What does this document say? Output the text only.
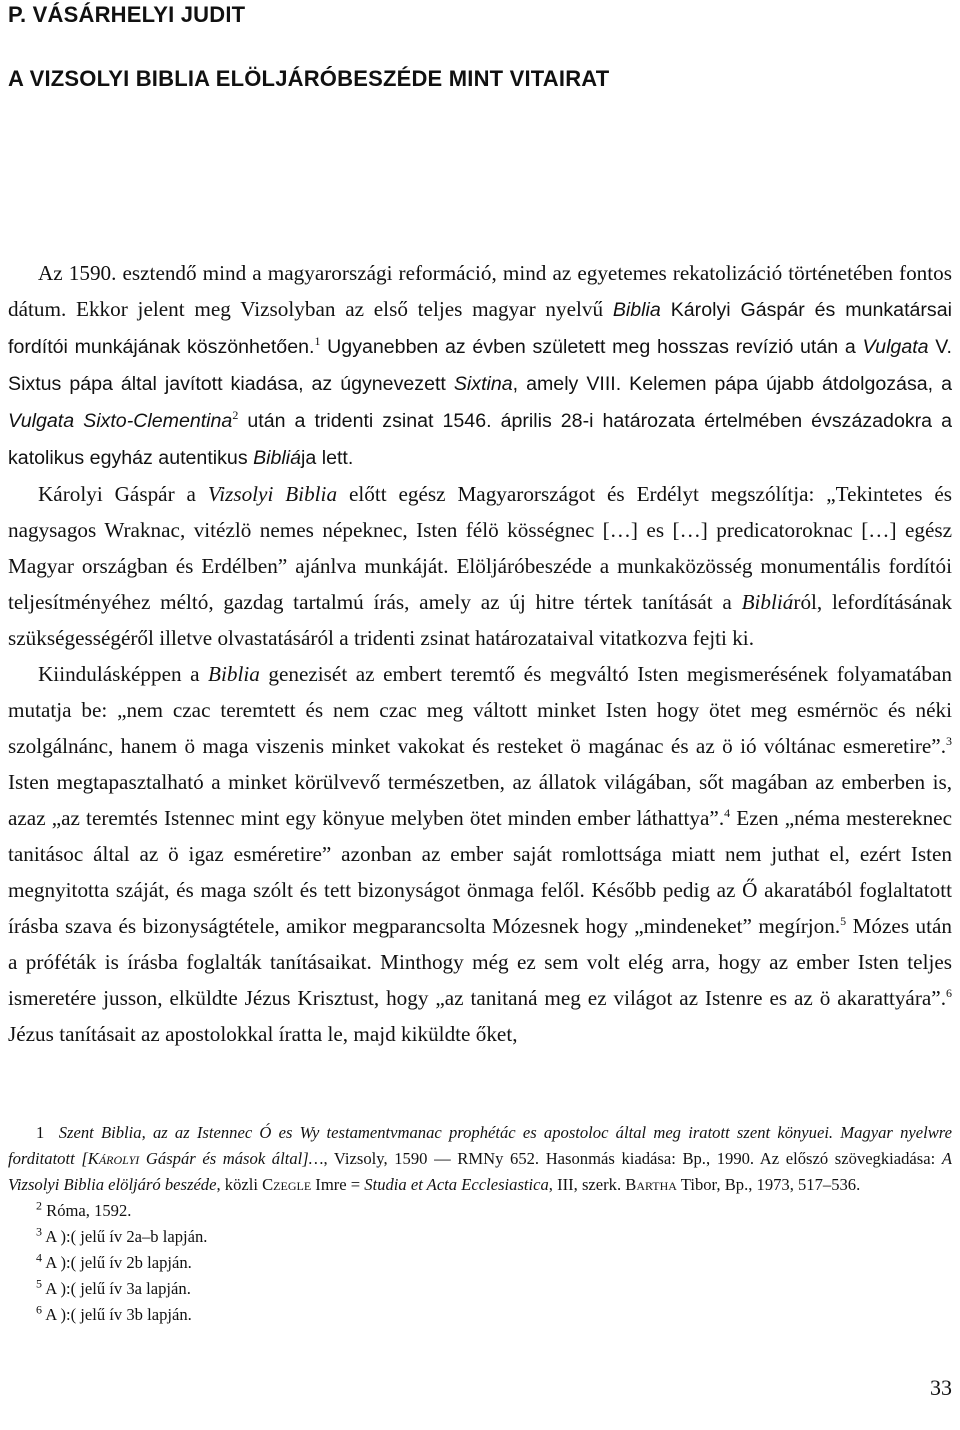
P. VÁSÁRHELYI JUDIT
A VIZSOLYI BIBLIA ELÖLJÁRÓBESZÉDE MINT VITAIRAT

Az 1590. esztendő mind a magyarországi reformáció, mind az egyetemes rekatolizáció történetében fontos dátum. Ekkor jelent meg Vizsolyban az első teljes magyar nyelvű Biblia Károlyi Gáspár és munkatársai fordítói munkájának köszönhetően.$^1$ Ugyanebben az évben született meg hosszas revízió után a Vulgata V. Sixtus pápa által javított kiadása, az úgynevezett Sixtina, amely VIII. Kelemen pápa újabb átdolgozása, a Vulgata Sixto-Clementina$^2$ után a tridenti zsinat 1546. április 28-i határozata értelmében évszázadokra a katolikus egyház autentikus Bibliája lett.

Károlyi Gáspár a Vizsolyi Biblia előtt egész Magyarországot és Erdélyt megszólítja: „Tekintetes és nagysagos Wraknac, vitézlö nemes népeknec, Isten félö kösségnec […] es […] predicatoroknac […] egész Magyar országban és Erdélben” ajánlva munkáját. Elöljáróbeszéde a munkaközösség monumentális fordítói teljesítményéhez méltó, gazdag tartalmú írás, amely az új hitre tértek tanítását a Bibliáról, lefordításának szükségességéről illetve olvastatásáról a tridenti zsinat határozataival vitatkozva fejti ki.

Kiindulásképpen a Biblia genezisét az embert teremtő és megváltó Isten megismerésének folyamatában mutatja be: „nem czac teremtett és nem czac meg váltott minket Isten hogy ötet meg esmérnöc és néki szolgálnánc, hanem ö maga viszenis minket vakokat és resteket ö magánac és az ö ió vóltánac esmeretire”.$^3$ Isten megtapasztalható a minket körülvevő természetben, az állatok világában, sőt magában az emberben is, azaz „az teremtés Istennec mint egy könyue melyben ötet minden ember láthattya”.$^4$ Ezen „néma mestereknec tanitásoc által az ö igaz esméretire” azonban az ember saját romlottsága miatt nem juthat el, ezért Isten megnyitotta száját, és maga szólt és tett bizonyságot önmaga felől. Később pedig az Ő akaratából foglaltatott írásba szava és bizonyságtétele, amikor megparancsolta Mózesnek hogy „mindeneket” megírjon.$^5$ Mózes után a próféták is írásba foglalták tanításaikat. Minthogy még ez sem volt elég arra, hogy az ember Isten teljes ismeretére jusson, elküldte Jézus Krisztust, hogy „az tanitaná meg ez világot az Istenre es az ö akarattyára”.$^6$ Jézus tanításait az apostolokkal íratta le, majd kiküldte őket,

1 Szent Biblia, az az Istennec Ó es Wy testamentvmanac prophétác es apostoloc által meg iratott szent könyuei. Magyar nyelwre forditatott [Károlyi Gáspár és mások által]…, Vizsoly, 1590 — RMNy 652. Hasonmás kiadása: Bp., 1990. Az előszó szövegkiadása: A Vizsolyi Biblia elöljáró beszéde, közli Czegle Imre = Studia et Acta Ecclesiastica, III, szerk. Bartha Tibor, Bp., 1973, 517–536.

$^2$ Róma, 1592.

$^3$ A ):( jelű ív 2a–b lapján.

$^4$ A ):( jelű ív 2b lapján.

$^5$ A ):( jelű ív 3a lapján.

$^6$ A ):( jelű ív 3b lapján.

33
